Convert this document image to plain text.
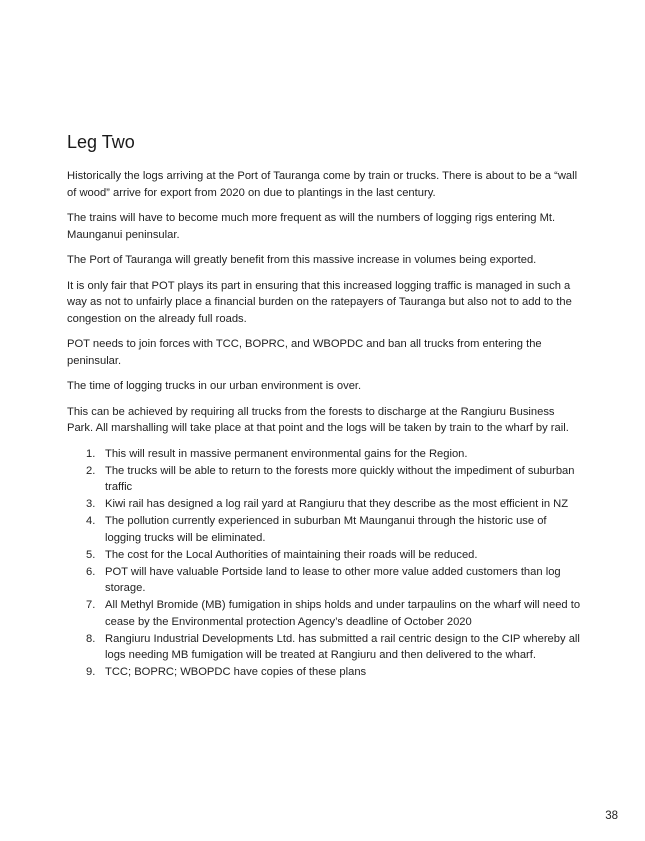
Leg Two

Historically the logs arriving at the Port of Tauranga come by train or trucks. There is about to be a “wall of wood” arrive for export from 2020 on due to plantings in the last century.

The trains will have to become much more frequent as will the numbers of logging rigs entering Mt. Maunganui peninsular.

The Port of Tauranga will greatly benefit from this massive increase in volumes being exported.

It is only fair that POT plays its part in ensuring that this increased logging traffic is managed in such a way as not to unfairly place a financial burden on the ratepayers of Tauranga but also not to add to the congestion on the already full roads.

POT needs to join forces with TCC, BOPRC, and WBOPDC and ban all trucks from entering the peninsular.

The time of logging trucks in our urban environment is over.

This can be achieved by requiring all trucks from the forests to discharge at the Rangiuru Business Park. All marshalling will take place at that point and the logs will be taken by train to the wharf by rail.

1. This will result in massive permanent environmental gains for the Region.
2. The trucks will be able to return to the forests more quickly without the impediment of suburban traffic
3. Kiwi rail has designed a log rail yard at Rangiuru that they describe as the most efficient in NZ
4. The pollution currently experienced in suburban Mt Maunganui through the historic use of logging trucks will be eliminated.
5. The cost for the Local Authorities of maintaining their roads will be reduced.
6. POT will have valuable Portside land to lease to other more value added customers than log storage.
7. All Methyl Bromide (MB) fumigation in ships holds and under tarpaulins on the wharf will need to cease by the Environmental protection Agency’s deadline of October 2020
8. Rangiuru Industrial Developments Ltd. has submitted a rail centric design to the CIP whereby all logs needing MB fumigation will be treated at Rangiuru and then delivered to the wharf.
9. TCC; BOPRC; WBOPDC have copies of these plans
38
